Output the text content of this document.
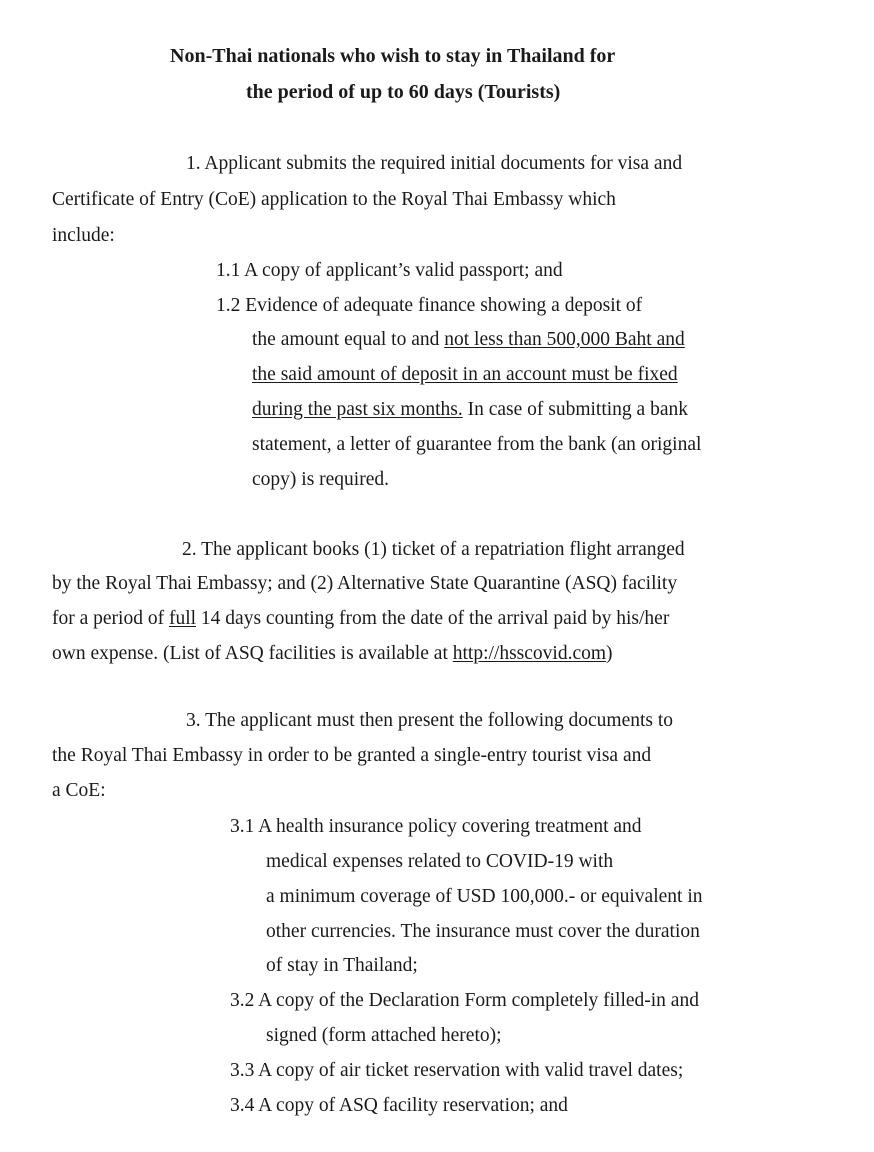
Non-Thai nationals who wish to stay in Thailand for
the period of up to 60 days (Tourists)
1. Applicant submits the required initial documents for visa and
Certificate of Entry (CoE) application to the Royal Thai Embassy which
include:
1.1 A copy of applicant’s valid passport; and
1.2 Evidence of adequate finance showing a deposit of
the amount equal to and not less than 500,000 Baht and
the said amount of deposit in an account must be fixed
during the past six months. In case of submitting a bank
statement, a letter of guarantee from the bank (an original
copy) is required.
2. The applicant books (1) ticket of a repatriation flight arranged
by the Royal Thai Embassy; and (2) Alternative State Quarantine (ASQ) facility
for a period of full 14 days counting from the date of the arrival paid by his/her
own expense. (List of ASQ facilities is available at http://hsscovid.com)
3. The applicant must then present the following documents to
the Royal Thai Embassy in order to be granted a single-entry tourist visa and
a CoE:
3.1 A health insurance policy covering treatment and
medical expenses related to COVID-19 with
a minimum coverage of USD 100,000.- or equivalent in
other currencies. The insurance must cover the duration
of stay in Thailand;
3.2 A copy of the Declaration Form completely filled-in and
signed (form attached hereto);
3.3 A copy of air ticket reservation with valid travel dates;
3.4 A copy of ASQ facility reservation; and
